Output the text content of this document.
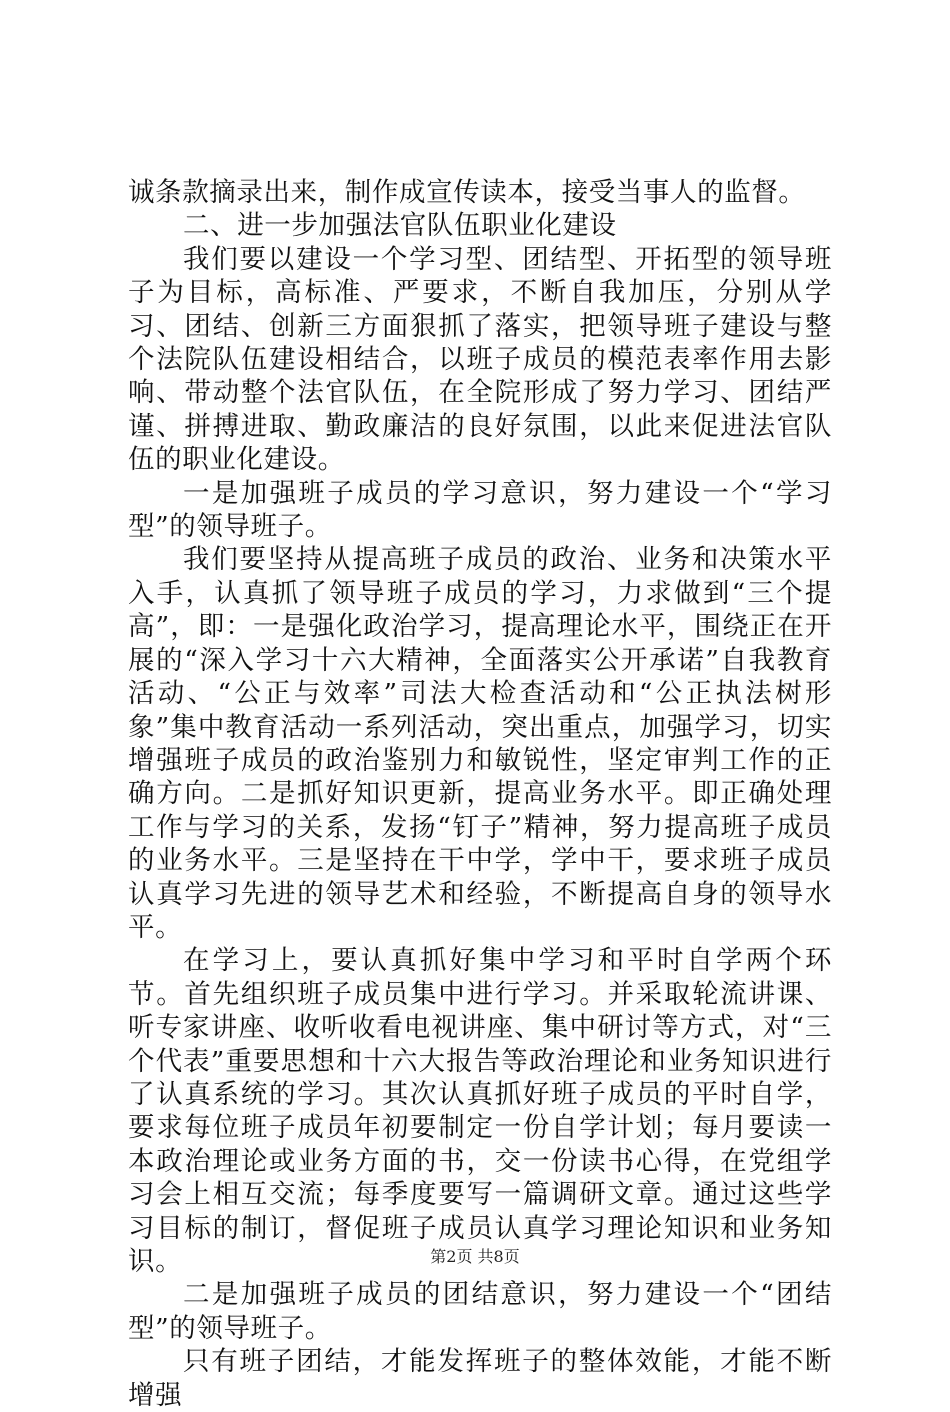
诚条款摘录出来，制作成宣传读本，接受当事人的监督。

二、进一步加强法官队伍职业化建设

我们要以建设一个学习型、团结型、开拓型的领导班子为目标，高标准、严要求，不断自我加压，分别从学习、团结、创新三方面狠抓了落实，把领导班子建设与整个法院队伍建设相结合，以班子成员的模范表率作用去影响、带动整个法官队伍，在全院形成了努力学习、团结严谨、拼搏进取、勤政廉洁的良好氛围，以此来促进法官队伍的职业化建设。

一是加强班子成员的学习意识，努力建设一个“学习型”的领导班子。

我们要坚持从提高班子成员的政治、业务和决策水平入手，认真抓了领导班子成员的学习，力求做到“三个提高”，即：一是强化政治学习，提高理论水平，围绕正在开展的“深入学习十六大精神，全面落实公开承诺”自我教育活动、“公正与效率”司法大检查活动和“公正执法树形象”集中教育活动一系列活动，突出重点，加强学习，切实增强班子成员的政治鉴别力和敏锐性，坚定审判工作的正确方向。二是抓好知识更新，提高业务水平。即正确处理工作与学习的关系，发扬“钉子”精神，努力提高班子成员的业务水平。三是坚持在干中学，学中干，要求班子成员认真学习先进的领导艺术和经验，不断提高自身的领导水平。

在学习上，要认真抓好集中学习和平时自学两个环节。首先组织班子成员集中进行学习。并采取轮流讲课、听专家讲座、收听收看电视讲座、集中研讨等方式，对“三个代表”重要思想和十六大报告等政治理论和业务知识进行了认真系统的学习。其次认真抓好班子成员的平时自学，要求每位班子成员年初要制定一份自学计划；每月要读一本政治理论或业务方面的书，交一份读书心得，在党组学习会上相互交流；每季度要写一篇调研文章。通过这些学习目标的制订，督促班子成员认真学习理论知识和业务知识。

二是加强班子成员的团结意识，努力建设一个“团结型”的领导班子。

只有班子团结，才能发挥班子的整体效能，才能不断增强

第2页 共8页
